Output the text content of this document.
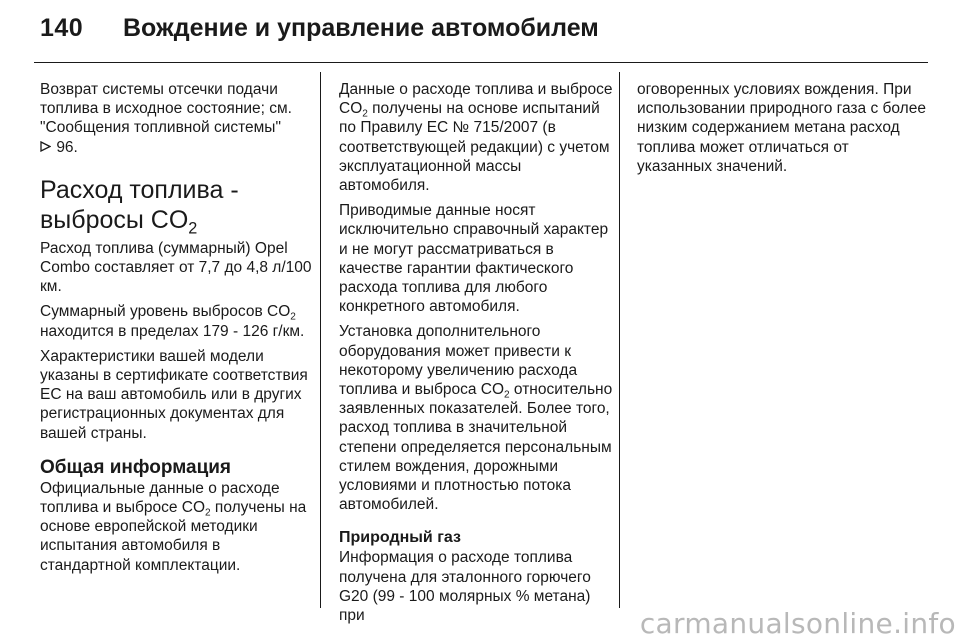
140 Вождение и управление автомобилем

Возврат системы отсечки подачи топлива в исходное состояние; см. "Сообщения топливной системы"
96.

Расход топлива -
выбросы $CO_2$

Расход топлива (суммарный) Opel Combo составляет от 7,7 до 4,8 л/100 км.

Суммарный уровень выбросов $CO_2$ находится в пределах 179 - 126 г/км.

Характеристики вашей модели указаны в сертификате соответствия ЕС на ваш автомобиль или в других регистрационных документах для вашей страны.

Общая информация

Официальные данные о расходе топлива и выбросе $CO_2$ получены на основе европейской методики испытания автомобиля в стандартной комплектации.

Данные о расходе топлива и выбросе $CO_2$ получены на основе испытаний по Правилу ЕС № 715/2007 (в соответствующей редакции) с учетом эксплуатационной массы автомобиля.

Приводимые данные носят исключительно справочный характер и не могут рассматриваться в качестве гарантии фактического расхода топлива для любого конкретного автомобиля.

Установка дополнительного оборудования может привести к некоторому увеличению расхода топлива и выброса $CO_2$ относительно заявленных показателей. Более того, расход топлива в значительной степени определяется персональным стилем вождения, дорожными условиями и плотностью потока автомобилей.

Природный газ

Информация о расходе топлива получена для эталонного горючего G20 (99 - 100 молярных % метана) при

оговоренных условиях вождения. При использовании природного газа с более низким содержанием метана расход топлива может отличаться от указанных значений.

carmanualsonline.info
